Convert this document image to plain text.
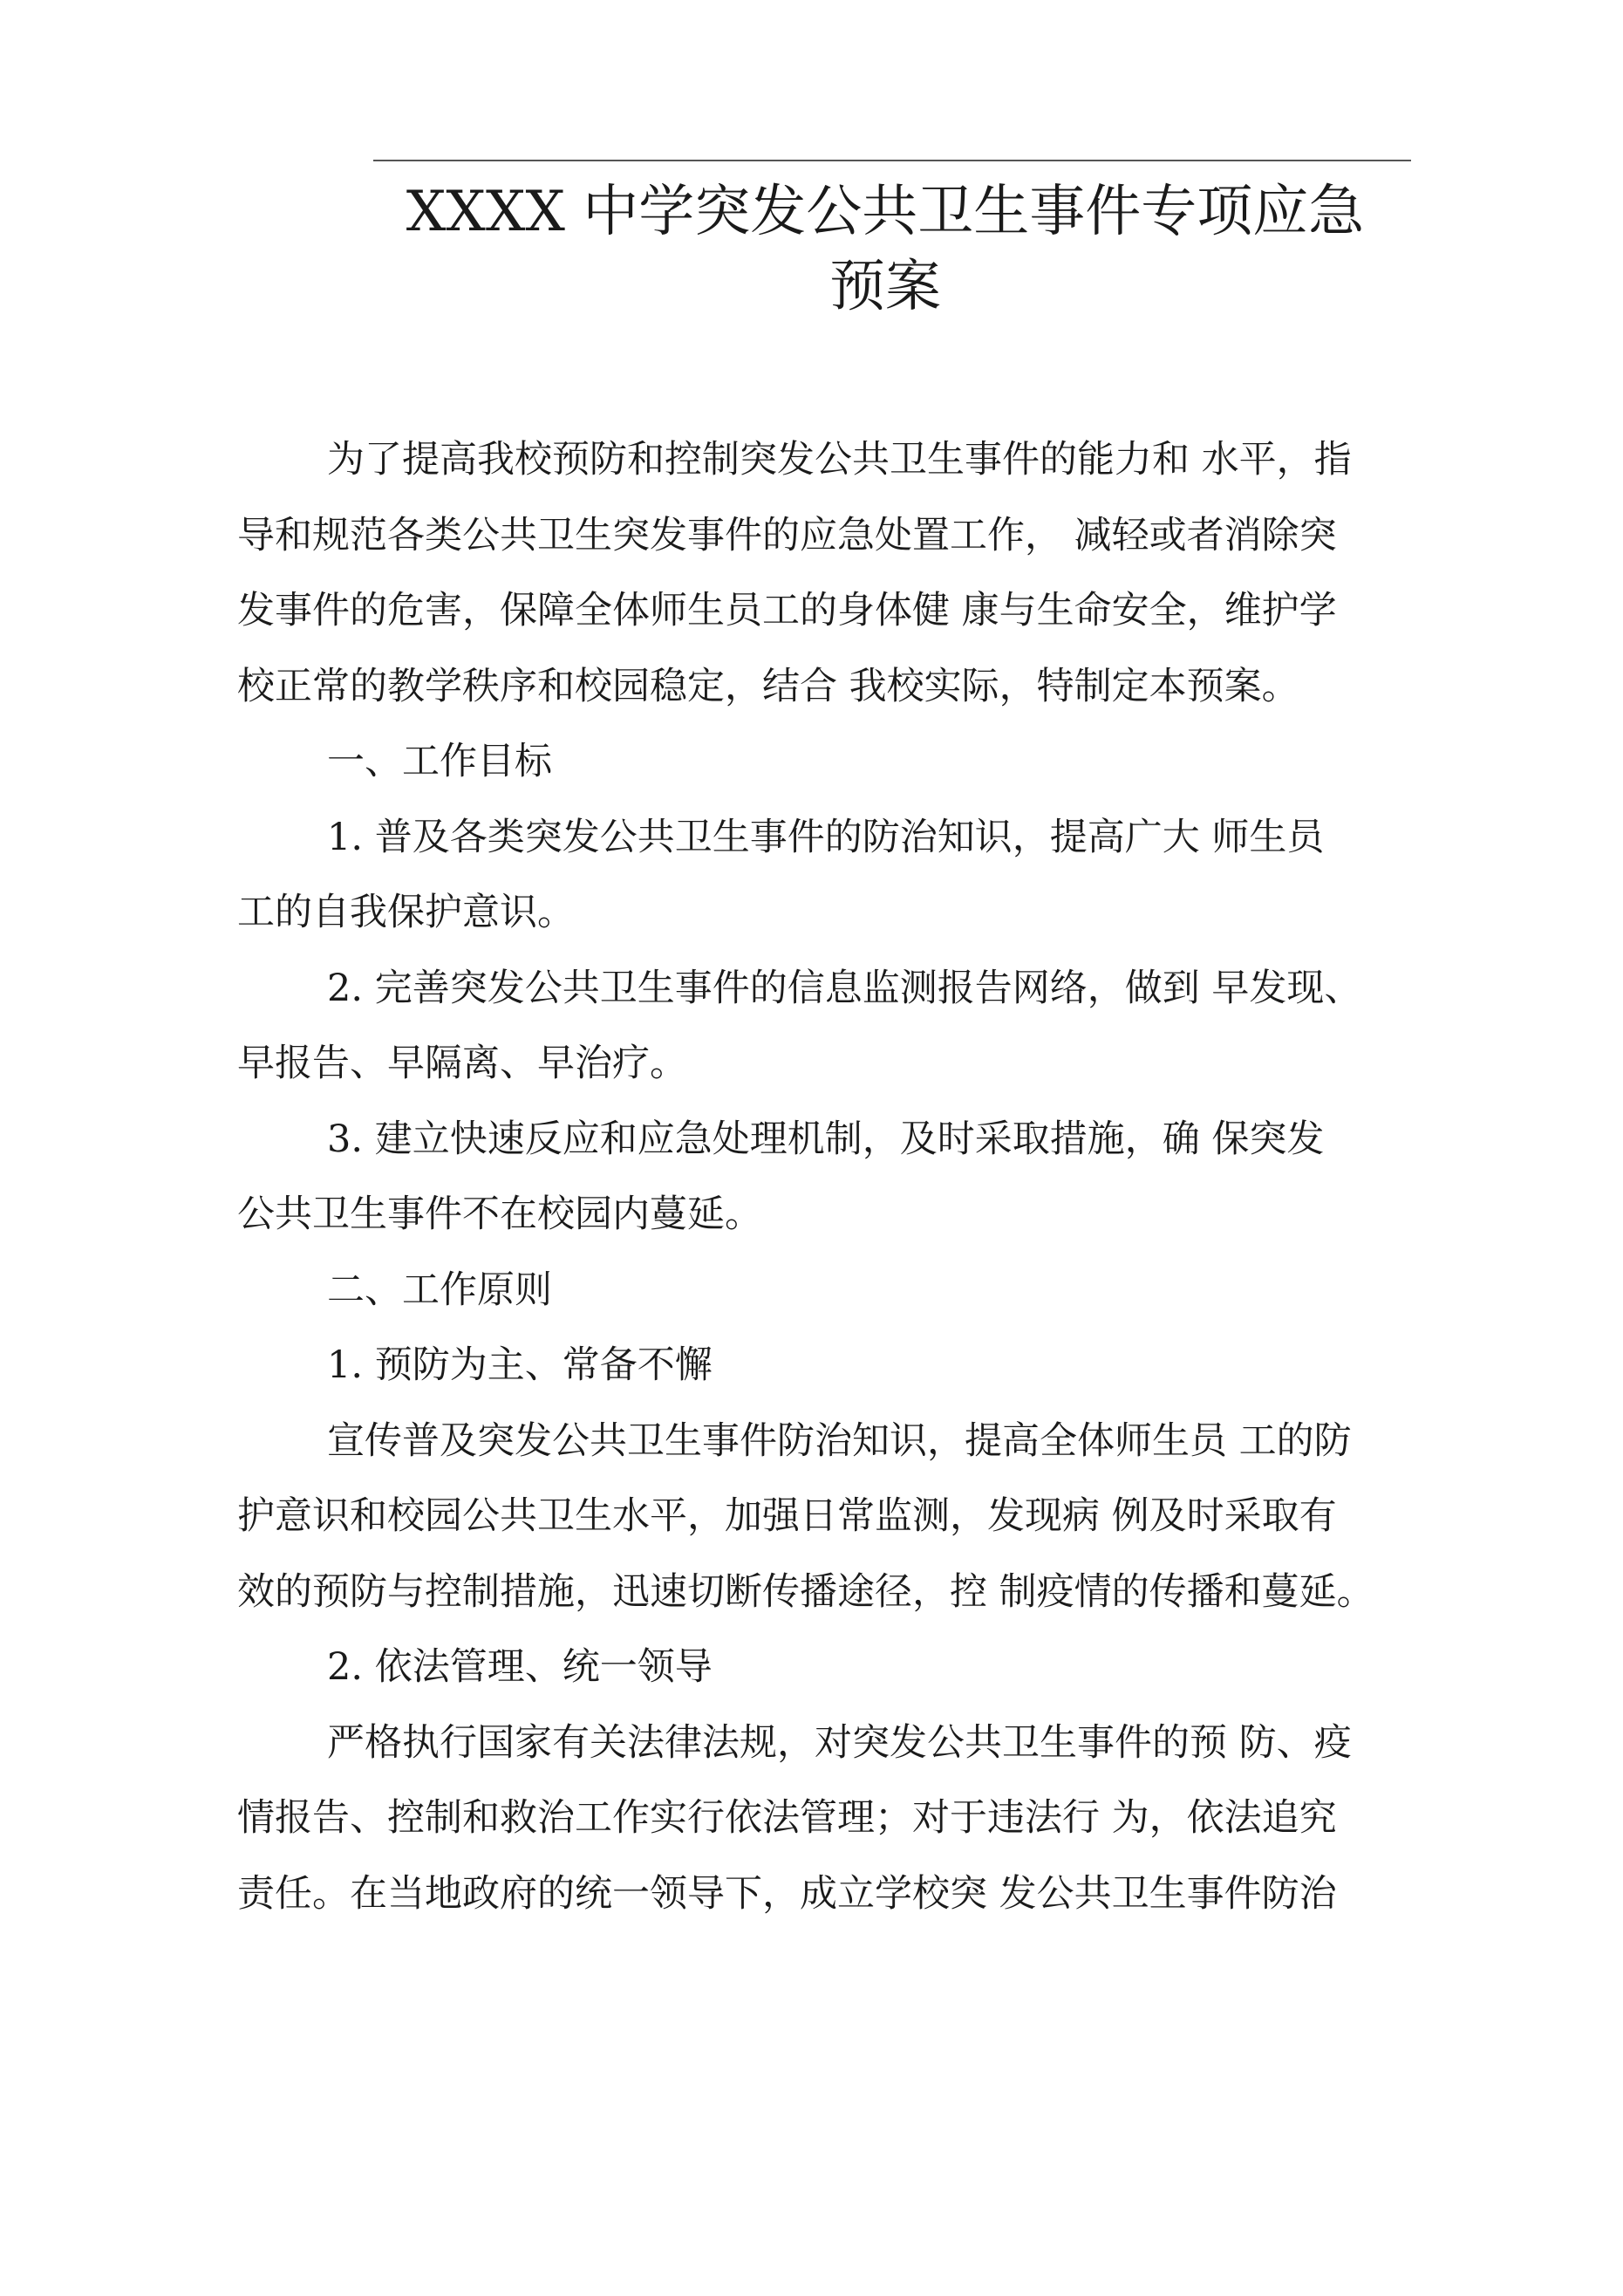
XXXX 中学突发公共卫生事件专项应急
预案
为了提高我校预防和控制突发公共卫生事件的能力和 水平，指
导和规范各类公共卫生突发事件的应急处置工作， 减轻或者消除突
发事件的危害，保障全体师生员工的身体健 康与生命安全，维护学
校正常的教学秩序和校园稳定，结合 我校实际，特制定本预案。
一、工作目标
1. 普及各类突发公共卫生事件的防治知识，提高广大 师生员
工的自我保护意识。
2. 完善突发公共卫生事件的信息监测报告网络，做到 早发现、
早报告、早隔离、早治疗。
3. 建立快速反应和应急处理机制，及时采取措施，确 保突发
公共卫生事件不在校园内蔓延。
二、工作原则
1. 预防为主、常备不懈
宣传普及突发公共卫生事件防治知识，提高全体师生员 工的防
护意识和校园公共卫生水平，加强日常监测，发现病 例及时采取有
效的预防与控制措施，迅速切断传播途径，控 制疫情的传播和蔓延。
2. 依法管理、统一领导
严格执行国家有关法律法规，对突发公共卫生事件的预 防、疫
情报告、控制和救治工作实行依法管理；对于违法行 为，依法追究
责任。在当地政府的统一领导下，成立学校突 发公共卫生事件防治
